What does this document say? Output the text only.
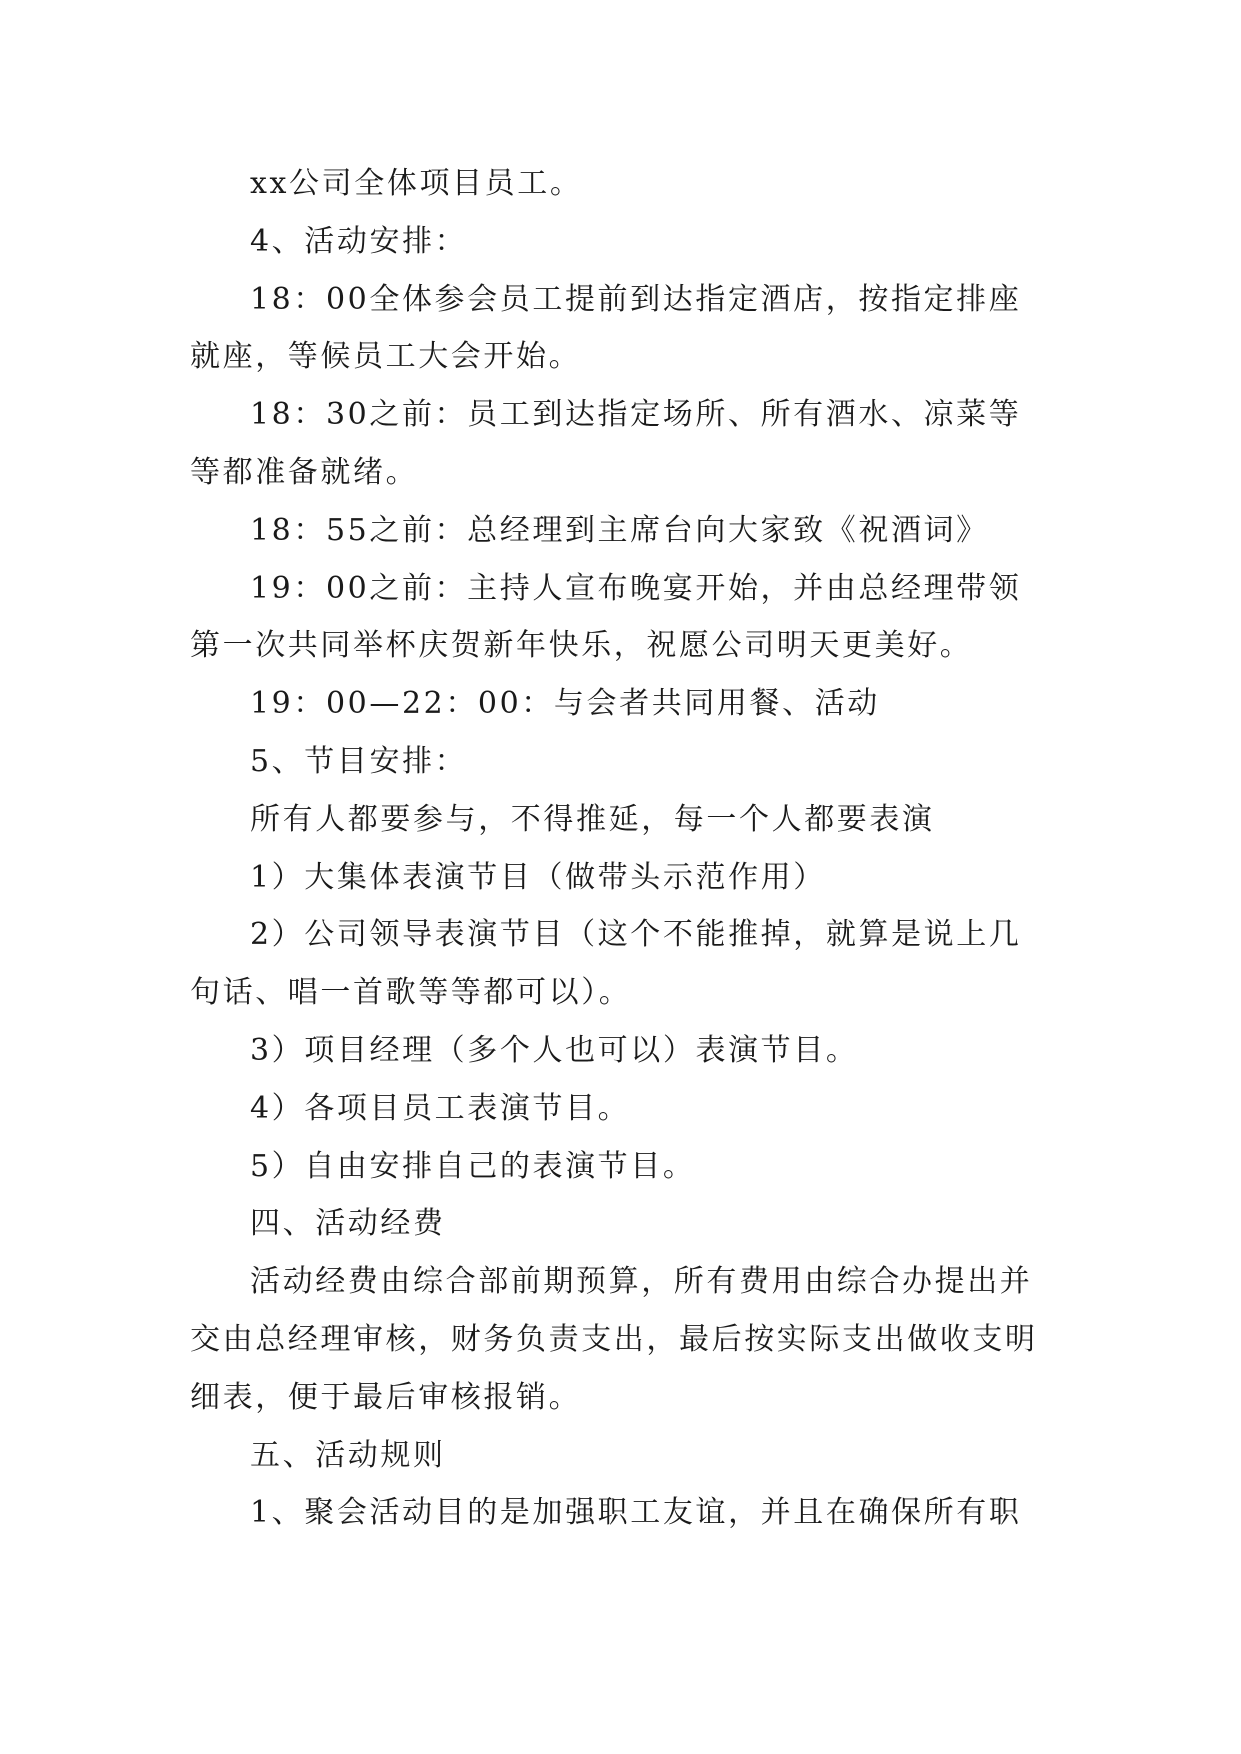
xx公司全体项目员工。

4、活动安排：

18：00全体参会员工提前到达指定酒店，按指定排座就座，等候员工大会开始。

18：30之前：员工到达指定场所、所有酒水、凉菜等等都准备就绪。

18：55之前：总经理到主席台向大家致《祝酒词》

19：00之前：主持人宣布晚宴开始，并由总经理带领第一次共同举杯庆贺新年快乐，祝愿公司明天更美好。

19：00—22：00：与会者共同用餐、活动

5、节目安排：

所有人都要参与，不得推延，每一个人都要表演

1）大集体表演节目（做带头示范作用）

2）公司领导表演节目（这个不能推掉，就算是说上几句话、唱一首歌等等都可以）。

3）项目经理（多个人也可以）表演节目。

4）各项目员工表演节目。

5）自由安排自己的表演节目。

四、活动经费

活动经费由综合部前期预算，所有费用由综合办提出并交由总经理审核，财务负责支出，最后按实际支出做收支明细表，便于最后审核报销。

五、活动规则

1、聚会活动目的是加强职工友谊，并且在确保所有职
